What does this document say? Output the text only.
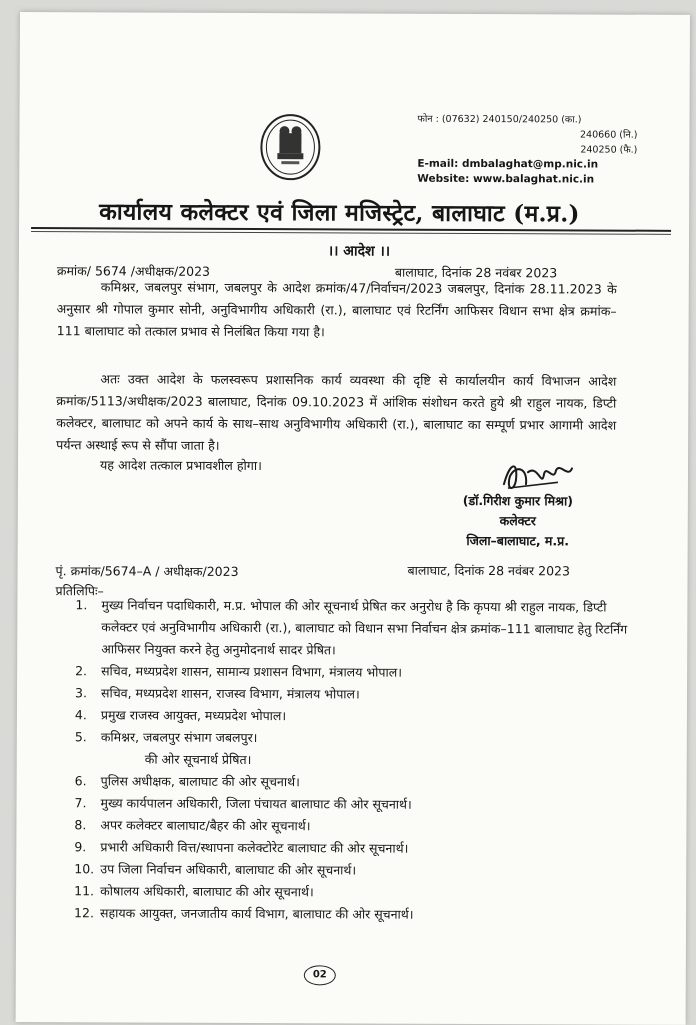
फोन : (07632) 240150/240250 (का.)
240660 (नि.)
240250 (फै.)
E-mail: dmbalaghat@mp.nic.in
Website: www.balaghat.nic.in
कार्यालय कलेक्टर एवं जिला मजिस्ट्रेट, बालाघाट (म.प्र.)
।। आदेश ।।
क्रमांक/ 5674 /अधीक्षक/2023	बालाघाट, दिनांक 28 नवंबर 2023
कमिश्नर, जबलपुर संभाग, जबलपुर के आदेश क्रमांक/47/निर्वाचन/2023 जबलपुर, दिनांक 28.11.2023 के अनुसार श्री गोपाल कुमार सोनी, अनुविभागीय अधिकारी (रा.), बालाघाट एवं रिटर्निंग आफिसर विधान सभा क्षेत्र क्रमांक–111 बालाघाट को तत्काल प्रभाव से निलंबित किया गया है।
अतः उक्त आदेश के फलस्वरूप प्रशासनिक कार्य व्यवस्था की दृष्टि से कार्यालयीन कार्य विभाजन आदेश क्रमांक/5113/अधीक्षक/2023 बालाघाट, दिनांक 09.10.2023 में आंशिक संशोधन करते हुये श्री राहुल नायक, डिप्टी कलेक्टर, बालाघाट को अपने कार्य के साथ–साथ अनुविभागीय अधिकारी (रा.), बालाघाट का सम्पूर्ण प्रभार आगामी आदेश पर्यन्त अस्थाई रूप से सौंपा जाता है।
यह आदेश तत्काल प्रभावशील होगा।
(डॉ.गिरीश कुमार मिश्रा)
कलेक्टर
जिला–बालाघाट, म.प्र.
पृं. क्रमांक/5674–A / अधीक्षक/2023	बालाघाट, दिनांक 28 नवंबर 2023
प्रतिलिपिः–
1. मुख्य निर्वाचन पदाधिकारी, म.प्र. भोपाल की ओर सूचनार्थ प्रेषित कर अनुरोध है कि कृपया श्री राहुल नायक, डिप्टी कलेक्टर एवं अनुविभागीय अधिकारी (रा.), बालाघाट को विधान सभा निर्वाचन क्षेत्र क्रमांक–111 बालाघाट हेतु रिटर्निंग आफिसर नियुक्त करने हेतु अनुमोदनार्थ सादर प्रेषित।
2. सचिव, मध्यप्रदेश शासन, सामान्य प्रशासन विभाग, मंत्रालय भोपाल।
3. सचिव, मध्यप्रदेश शासन, राजस्व विभाग, मंत्रालय भोपाल।
4. प्रमुख राजस्व आयुक्त, मध्यप्रदेश भोपाल।
5. कमिश्नर, जबलपुर संभाग जबलपुर।
की ओर सूचनार्थ प्रेषित।
6. पुलिस अधीक्षक, बालाघाट की ओर सूचनार्थ।
7. मुख्य कार्यपालन अधिकारी, जिला पंचायत बालाघाट की ओर सूचनार्थ।
8. अपर कलेक्टर बालाघाट/बैहर की ओर सूचनार्थ।
9. प्रभारी अधिकारी वित्त/स्थापना कलेक्टोरेट बालाघाट की ओर सूचनार्थ।
10. उप जिला निर्वाचन अधिकारी, बालाघाट की ओर सूचनार्थ।
11. कोषालय अधिकारी, बालाघाट की ओर सूचनार्थ।
12. सहायक आयुक्त, जनजातीय कार्य विभाग, बालाघाट की ओर सूचनार्थ।
02
